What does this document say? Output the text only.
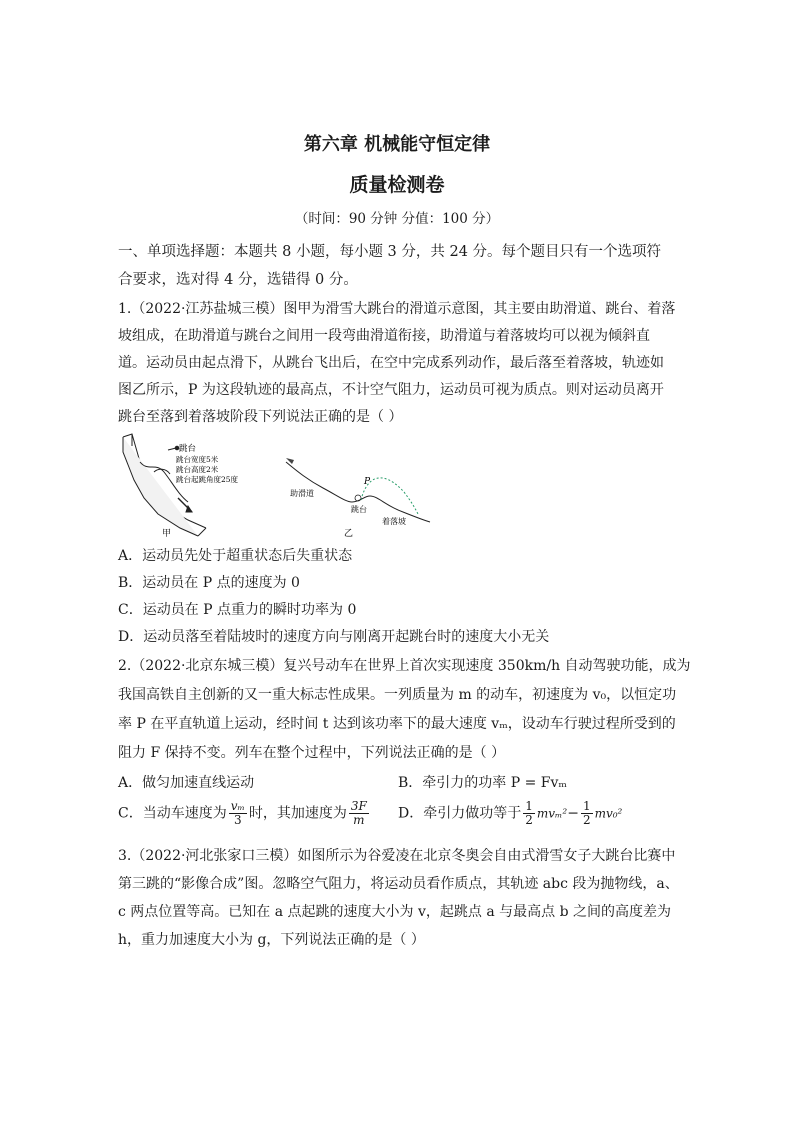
第六章 机械能守恒定律
质量检测卷
（时间：90 分钟 分值：100 分）
一、单项选择题：本题共 8 小题，每小题 3 分，共 24 分。每个题目只有一个选项符
合要求，选对得 4 分，选错得 0 分。
1.（2022·江苏盐城三模）图甲为滑雪大跳台的滑道示意图，其主要由助滑道、跳台、着落
坡组成，在助滑道与跳台之间用一段弯曲滑道衔接，助滑道与着落坡均可以视为倾斜直
道。运动员由起点滑下，从跳台飞出后，在空中完成系列动作，最后落至着落坡，轨迹如
图乙所示，P 为这段轨迹的最高点，不计空气阻力，运动员可视为质点。则对运动员离开
跳台至落到着落坡阶段下列说法正确的是（ ）
跳台
跳台宽度5米
跳台高度2米
跳台起跳角度25度
甲
P
助滑道
跳台
着落坡
乙
A．运动员先处于超重状态后失重状态
B．运动员在 P 点的速度为 0
C．运动员在 P 点重力的瞬时功率为 0
D．运动员落至着陆坡时的速度方向与刚离开起跳台时的速度大小无关
2.（2022·北京东城三模）复兴号动车在世界上首次实现速度 350km/h 自动驾驶功能，成为
我国高铁自主创新的又一重大标志性成果。一列质量为 m 的动车，初速度为 v₀，以恒定功
率 P 在平直轨道上运动，经时间 t 达到该功率下的最大速度 vₘ，设动车行驶过程所受到的
阻力 F 保持不变。列车在整个过程中，下列说法正确的是（ ）
A．做匀加速直线运动	B．牵引力的功率 P = Fvₘ
C．当动车速度为 $\frac{\text{vₘ}}{3}$ 时，其加速度为 $\frac{3F}{m}$ D．牵引力做功等于 $\frac{1}{2} mv_m^2- \frac{1}{2} mv_0^2$
3.（2022·河北张家口三模）如图所示为谷爱凌在北京冬奥会自由式滑雪女子大跳台比赛中
第三跳的“影像合成”图。忽略空气阻力，将运动员看作质点，其轨迹 abc 段为抛物线，a、
c 两点位置等高。已知在 a 点起跳的速度大小为 v，起跳点 a 与最高点 b 之间的高度差为
h，重力加速度大小为 g，下列说法正确的是（ ）
